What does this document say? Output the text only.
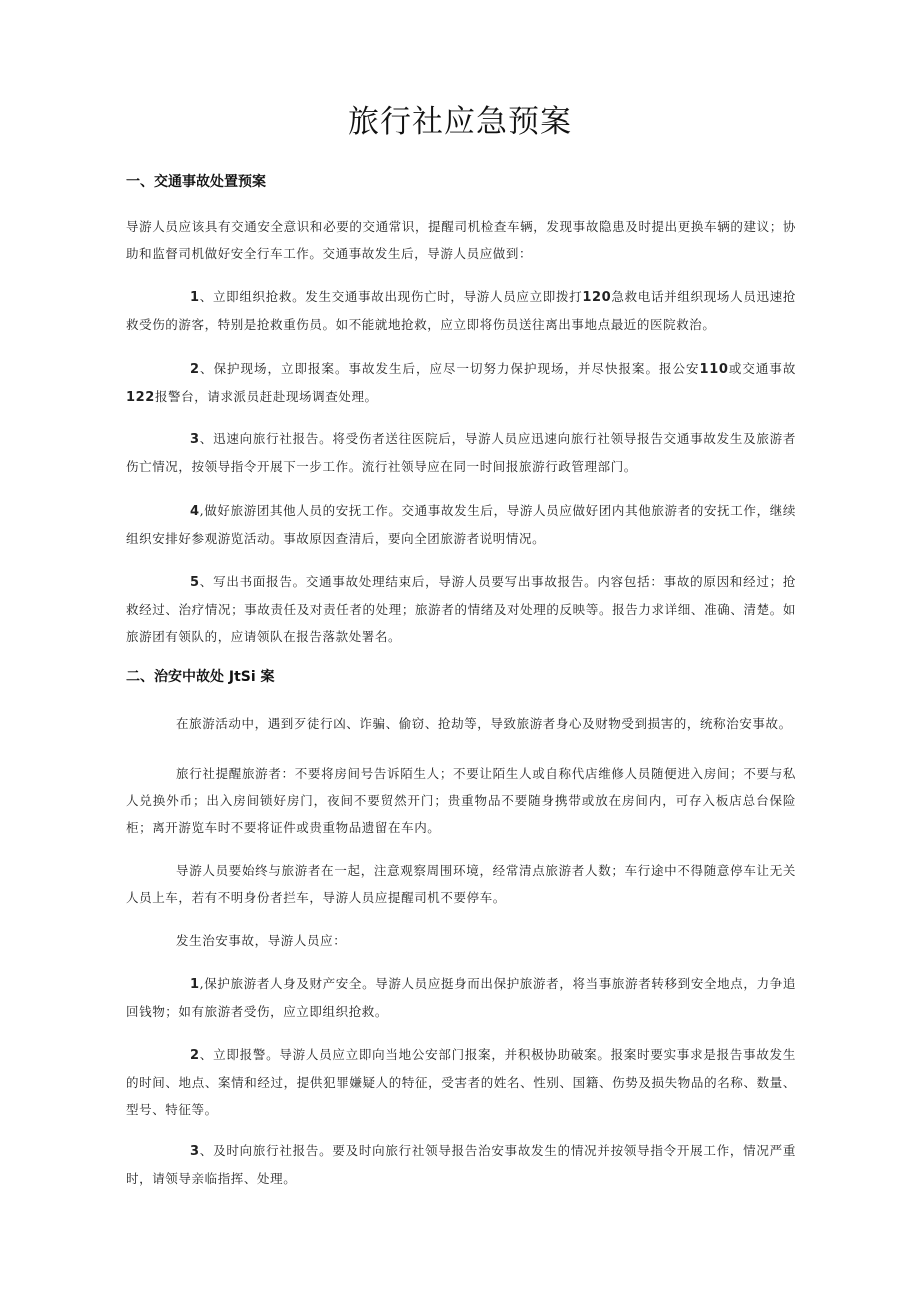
旅行社应急预案
一、交通事故处置预案

导游人员应该具有交通安全意识和必要的交通常识，提醒司机检查车辆，发现事故隐患及时提出更换车辆的建议；协助和监督司机做好安全行车工作。交通事故发生后，导游人员应做到：

1、立即组织抢救。发生交通事故出现伤亡时，导游人员应立即拨打120急救电话并组织现场人员迅速抢救受伤的游客，特别是抢救重伤员。如不能就地抢救，应立即将伤员送往离出事地点最近的医院救治。

2、保护现场，立即报案。事故发生后，应尽一切努力保护现场，并尽快报案。报公安110或交通事故122报警台，请求派员赶赴现场调查处理。

3、迅速向旅行社报告。将受伤者送往医院后，导游人员应迅速向旅行社领导报告交通事故发生及旅游者伤亡情况，按领导指令开展下一步工作。流行社领导应在同一时间报旅游行政管理部门。

4,做好旅游团其他人员的安抚工作。交通事故发生后，导游人员应做好团内其他旅游者的安抚工作，继续组织安排好参观游览活动。事故原因查清后，要向全团旅游者说明情况。

5、写出书面报告。交通事故处理结束后，导游人员要写出事故报告。内容包括：事故的原因和经过；抢救经过、治疗情况；事故责任及对责任者的处理；旅游者的情绪及对处理的反映等。报告力求详细、准确、清楚。如旅游团有领队的，应请领队在报告落款处署名。

二、治安中故处 JtSi 案

在旅游活动中，遇到歹徒行凶、诈骗、偷窃、抢劫等，导致旅游者身心及财物受到损害的，统称治安事故。

旅行社提醒旅游者：不要将房间号告诉陌生人；不要让陌生人或自称代店维修人员随便进入房间；不要与私人兑换外币；出入房间锁好房门，夜间不要贸然开门；贵重物品不要随身携带或放在房间内，可存入板店总台保险柜；离开游览车时不要将证件或贵重物品遗留在车内。

导游人员要始终与旅游者在一起，注意观察周围环境，经常清点旅游者人数；车行途中不得随意停车让无关人员上车，若有不明身份者拦车，导游人员应提醒司机不要停车。

发生治安事故，导游人员应：

1,保护旅游者人身及财产安全。导游人员应挺身而出保护旅游者，将当事旅游者转移到安全地点，力争追回钱物；如有旅游者受伤，应立即组织抢救。

2、立即报警。导游人员应立即向当地公安部门报案，并积极协助破案。报案时要实事求是报告事故发生的时间、地点、案情和经过，提供犯罪嫌疑人的特征，受害者的姓名、性别、国籍、伤势及损失物品的名称、数量、型号、特征等。

3、及时向旅行社报告。要及时向旅行社领导报告治安事故发生的情况并按领导指令开展工作，情况严重时，请领导亲临指挥、处理。
